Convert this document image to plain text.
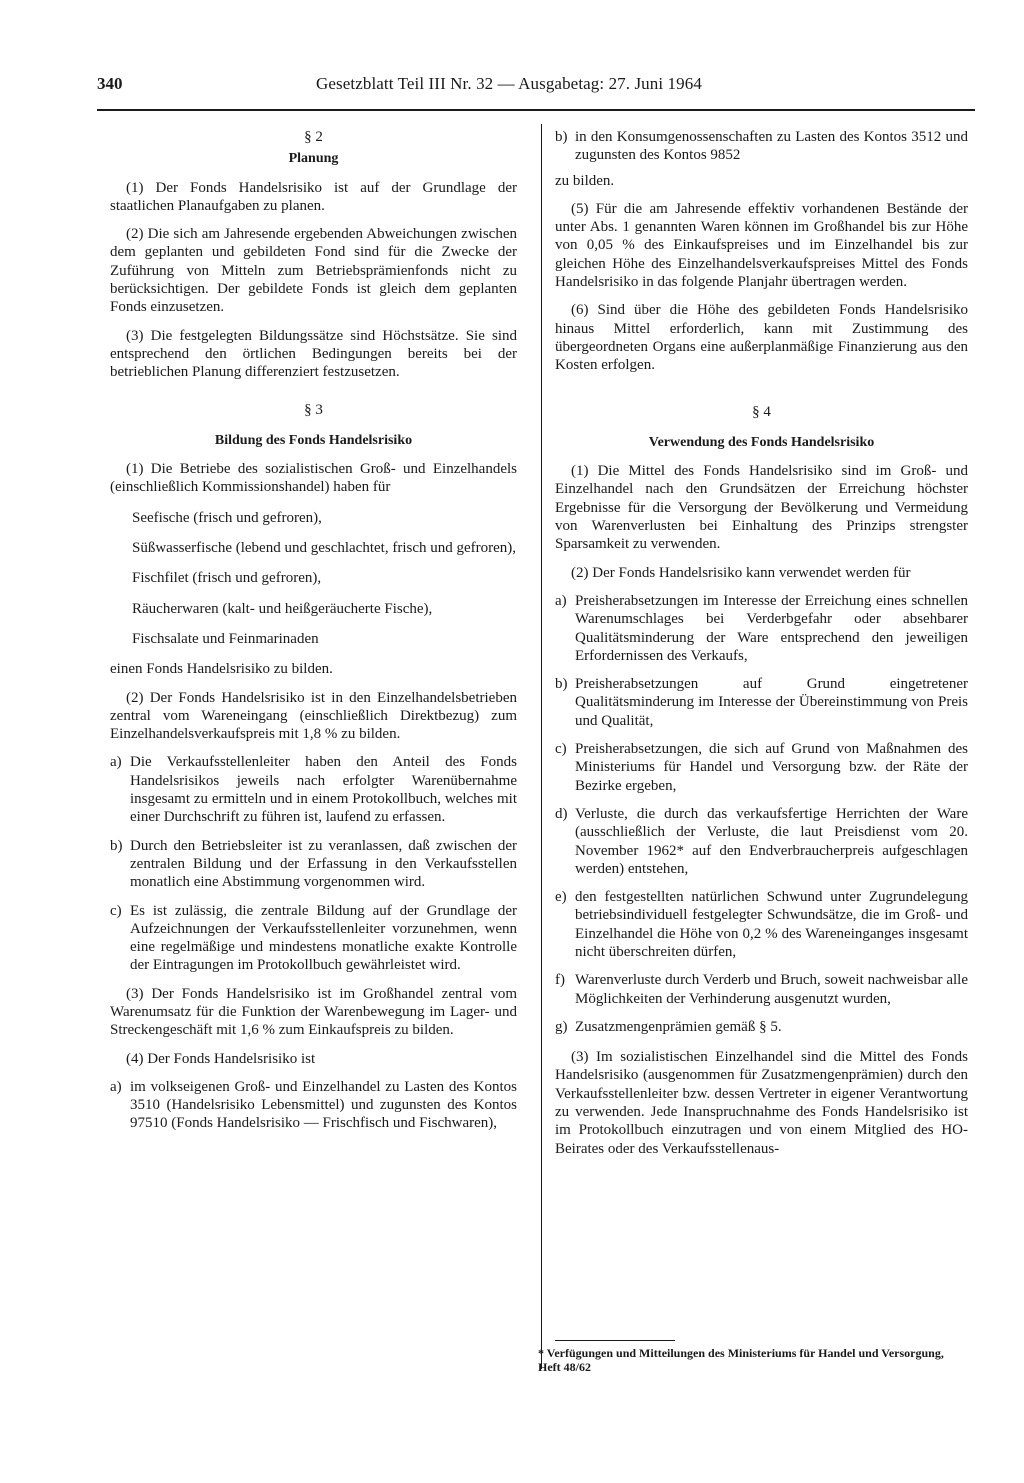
340	Gesetzblatt Teil III Nr. 32 — Ausgabetag: 27. Juni 1964

§ 2

Planung

(1) Der Fonds Handelsrisiko ist auf der Grundlage der staatlichen Planaufgaben zu planen.

(2) Die sich am Jahresende ergebenden Abweichungen zwischen dem geplanten und gebildeten Fond sind für die Zwecke der Zuführung von Mitteln zum Betriebsprämienfonds nicht zu berücksichtigen. Der gebildete Fonds ist gleich dem geplanten Fonds einzusetzen.

(3) Die festgelegten Bildungssätze sind Höchstsätze. Sie sind entsprechend den örtlichen Bedingungen bereits bei der betrieblichen Planung differenziert festzusetzen.

§ 3

Bildung des Fonds Handelsrisiko

(1) Die Betriebe des sozialistischen Groß- und Einzelhandels (einschließlich Kommissionshandel) haben für

Seefische (frisch und gefroren),

Süßwasserfische (lebend und geschlachtet, frisch und gefroren),

Fischfilet (frisch und gefroren),

Räucherwaren (kalt- und heißgeräucherte Fische),

Fischsalate und Feinmarinaden

einen Fonds Handelsrisiko zu bilden.

(2) Der Fonds Handelsrisiko ist in den Einzelhandelsbetrieben zentral vom Wareneingang (einschließlich Direktbezug) zum Einzelhandelsverkaufspreis mit 1,8 % zu bilden.

a) Die Verkaufsstellenleiter haben den Anteil des Fonds Handelsrisikos jeweils nach erfolgter Warenübernahme insgesamt zu ermitteln und in einem Protokollbuch, welches mit einer Durchschrift zu führen ist, laufend zu erfassen.
b) Durch den Betriebsleiter ist zu veranlassen, daß zwischen der zentralen Bildung und der Erfassung in den Verkaufsstellen monatlich eine Abstimmung vorgenommen wird.
c) Es ist zulässig, die zentrale Bildung auf der Grundlage der Aufzeichnungen der Verkaufsstellenleiter vorzunehmen, wenn eine regelmäßige und mindestens monatliche exakte Kontrolle der Eintragungen im Protokollbuch gewährleistet wird.

(3) Der Fonds Handelsrisiko ist im Großhandel zentral vom Warenumsatz für die Funktion der Warenbewegung im Lager- und Streckengeschäft mit 1,6 % zum Einkaufspreis zu bilden.

(4) Der Fonds Handelsrisiko ist

a) im volkseigenen Groß- und Einzelhandel zu Lasten des Kontos 3510 (Handelsrisiko Lebensmittel) und zugunsten des Kontos 97510 (Fonds Handelsrisiko — Frischfisch und Fischwaren),
b) in den Konsumgenossenschaften zu Lasten des Kontos 3512 und zugunsten des Kontos 9852

zu bilden.

(5) Für die am Jahresende effektiv vorhandenen Bestände der unter Abs. 1 genannten Waren können im Großhandel bis zur Höhe von 0,05 % des Einkaufspreises und im Einzelhandel bis zur gleichen Höhe des Einzelhandelsverkaufspreises Mittel des Fonds Handelsrisiko in das folgende Planjahr übertragen werden.

(6) Sind über die Höhe des gebildeten Fonds Handelsrisiko hinaus Mittel erforderlich, kann mit Zustimmung des übergeordneten Organs eine außerplanmäßige Finanzierung aus den Kosten erfolgen.

§ 4

Verwendung des Fonds Handelsrisiko

(1) Die Mittel des Fonds Handelsrisiko sind im Groß- und Einzelhandel nach den Grundsätzen der Erreichung höchster Ergebnisse für die Versorgung der Bevölkerung und Vermeidung von Warenverlusten bei Einhaltung des Prinzips strengster Sparsamkeit zu verwenden.

(2) Der Fonds Handelsrisiko kann verwendet werden für

a) Preisherabsetzungen im Interesse der Erreichung eines schnellen Warenumschlages bei Verderbgefahr oder absehbarer Qualitätsminderung der Ware entsprechend den jeweiligen Erfordernissen des Verkaufs,
b) Preisherabsetzungen auf Grund eingetretener Qualitätsminderung im Interesse der Übereinstimmung von Preis und Qualität,
c) Preisherabsetzungen, die sich auf Grund von Maßnahmen des Ministeriums für Handel und Versorgung bzw. der Räte der Bezirke ergeben,
d) Verluste, die durch das verkaufsfertige Herrichten der Ware (ausschließlich der Verluste, die laut Preisdienst vom 20. November 1962* auf den Endverbraucherpreis aufgeschlagen werden) entstehen,
e) den festgestellten natürlichen Schwund unter Zugrundelegung betriebsindividuell festgelegter Schwundsätze, die im Groß- und Einzelhandel die Höhe von 0,2 % des Wareneinganges insgesamt nicht überschreiten dürfen,
f) Warenverluste durch Verderb und Bruch, soweit nachweisbar alle Möglichkeiten der Verhinderung ausgenutzt wurden,
g) Zusatzmengenprämien gemäß § 5.

(3) Im sozialistischen Einzelhandel sind die Mittel des Fonds Handelsrisiko (ausgenommen für Zusatzmengenprämien) durch den Verkaufsstellenleiter bzw. dessen Vertreter in eigener Verantwortung zu verwenden. Jede Inanspruchnahme des Fonds Handelsrisiko ist im Protokollbuch einzutragen und von einem Mitglied des HO-Beirates oder des Verkaufsstellenaus-

* Verfügungen und Mitteilungen des Ministeriums für Handel und Versorgung, Heft 48/62
